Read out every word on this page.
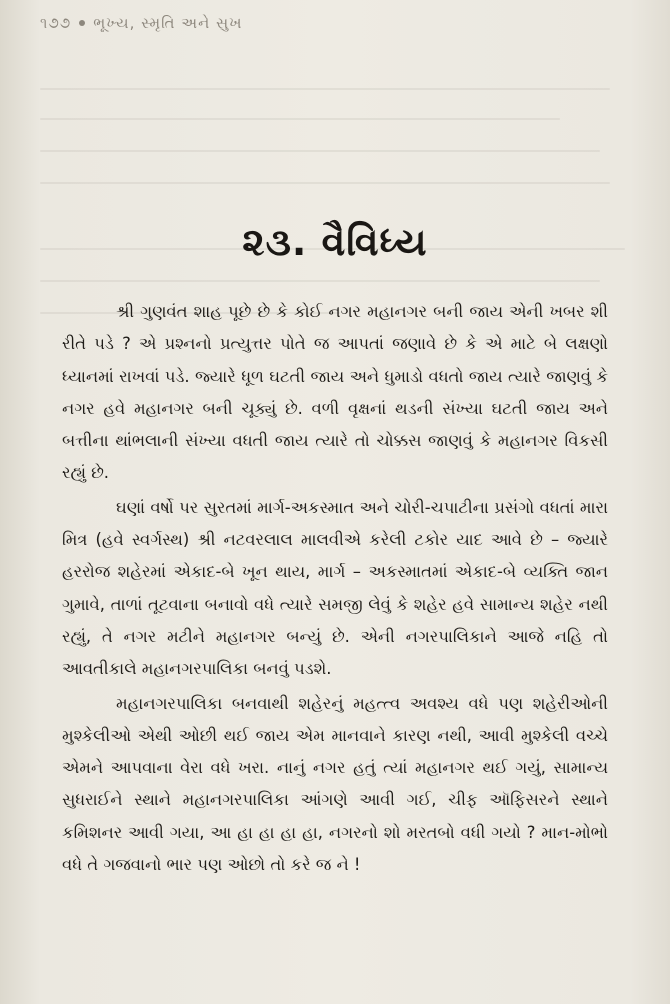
૧૭૭ ભૂખ્ય, સ્મૃતિ અને સુખ
૨૩. વૈવિધ્ય

શ્રી ગુણવંત શાહ પૂછે છે કે કોઈ નગર મહાનગર બની જાય એની ખબર શી રીતે પડે ? એ પ્રશ્નનો પ્રત્યુત્તર પોતે જ આપતાં જણાવે છે કે એ માટે બે લક્ષણો ધ્યાનમાં રાખવાં પડે. જ્યારે ધૂળ ઘટતી જાય અને ધુમાડો વધતો જાય ત્યારે જાણવું કે નગર હવે મહાનગર બની ચૂક્યું છે. વળી વૃક્ષનાં થડની સંખ્યા ઘટતી જાય અને બત્તીના થાંભલાની સંખ્યા વધતી જાય ત્યારે તો ચોક્કસ જાણવું કે મહાનગર વિકસી રહ્યું છે.

ઘણાં વર્ષો પર સુરતમાં માર્ગ-અકસ્માત અને ચોરી-ચપાટીના પ્રસંગો વધતાં મારા મિત્ર (હવે સ્વર્ગસ્થ) શ્રી નટવરલાલ માલવીએ કરેલી ટકોર યાદ આવે છે – જ્યારે હરરોજ શહેરમાં એકાદ-બે ખૂન થાય, માર્ગ – અકસ્માતમાં એકાદ-બે વ્યક્તિ જાન ગુમાવે, તાળાં તૂટવાના બનાવો વધે ત્યારે સમજી લેવું કે શહેર હવે સામાન્ય શહેર નથી રહ્યું, તે નગર મટીને મહાનગર બન્યું છે. એની નગરપાલિકાને આજે નહિ તો આવતીકાલે મહાનગરપાલિકા બનવું પડશે.

મહાનગરપાલિકા બનવાથી શહેરનું મહત્ત્વ અવશ્ય વધે પણ શહેરીઓની મુશ્કેલીઓ એથી ઓછી થઈ જાય એમ માનવાને કારણ નથી, આવી મુશ્કેલી વચ્ચે એમને આપવાના વેરા વધે ખરા. નાનું નગર હતું ત્યાં મહાનગર થઈ ગયું, સામાન્ય સુધરાઈને સ્થાને મહાનગરપાલિકા આંગણે આવી ગઈ, ચીફ ઑફિસરને સ્થાને કમિશનર આવી ગયા, આ હા હા હા હા, નગરનો શો મરતબો વધી ગયો ? માન-મોભો વધે તે ગજવાનો ભાર પણ ઓછો તો કરે જ ને !
